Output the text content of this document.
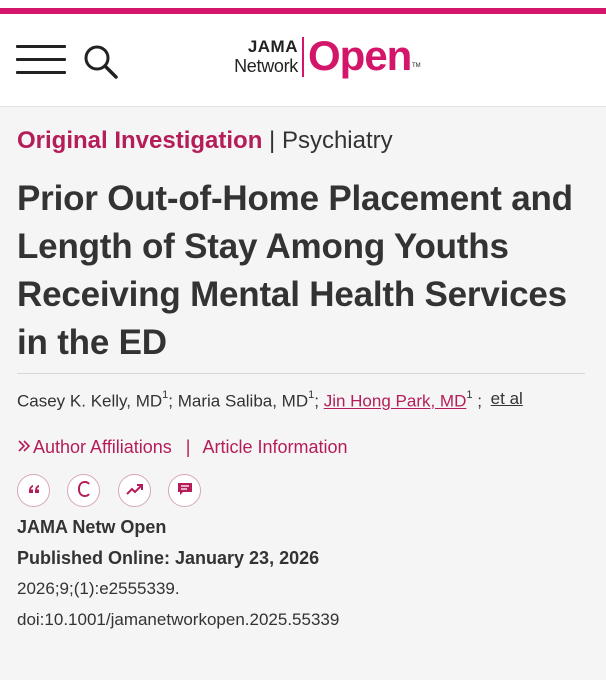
JAMA
Network Open TM
Original Investigation | Psychiatry
Prior Out-of-Home Placement and Length of Stay Among Youths Receiving Mental Health Services in the ED
Casey K. Kelly, $MD^1$; Maria Saliba, $MD^1$; Jin Hong Park, $MD^1$ ; et al
Author Affiliations | Article Information
JAMA Netw Open
Published Online: January 23, 2026
2026;9;(1):e2555339.
doi:10.1001/jamanetworkopen.2025.55339
